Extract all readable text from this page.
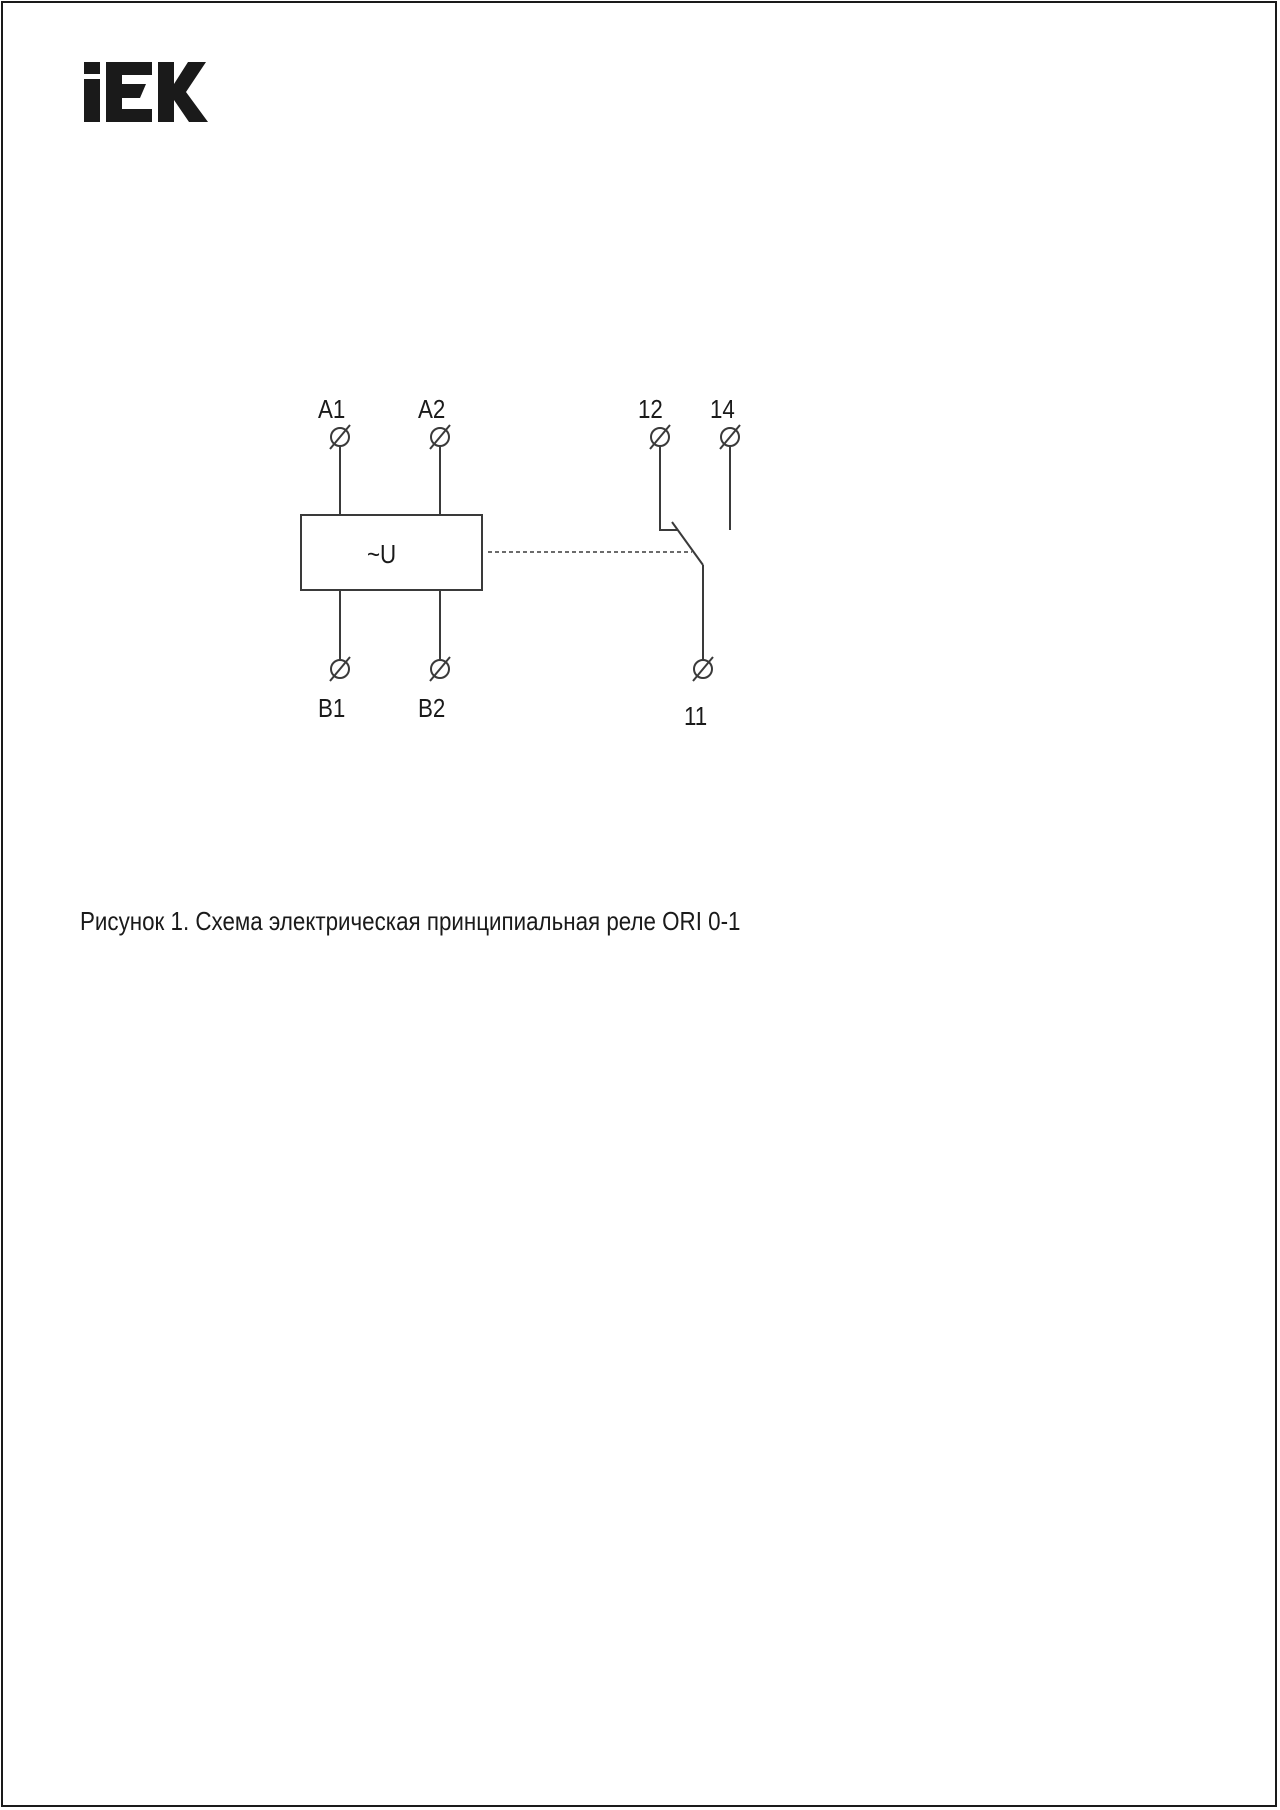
A1	A2	12 14
~U
B1	B2	11
Рисунок 1. Схема электрическая принципиальная реле ORI 0-1
